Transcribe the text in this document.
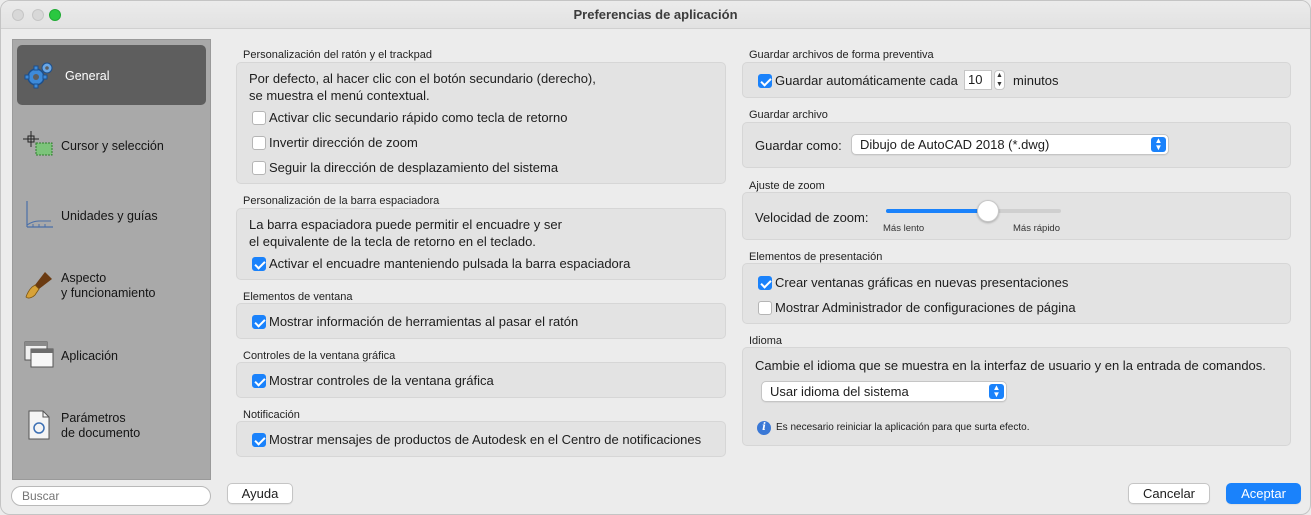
Preferencias de aplicación
General
Cursor y selección
Unidades y guías
Aspecto
y funcionamiento
Aplicación
Parámetros
de documento
Buscar
Personalización del ratón y el trackpad
Por defecto, al hacer clic con el botón secundario (derecho),
se muestra el menú contextual.
Activar clic secundario rápido como tecla de retorno
Invertir dirección de zoom
Seguir la dirección de desplazamiento del sistema
Personalización de la barra espaciadora
La barra espaciadora puede permitir el encuadre y ser
el equivalente de la tecla de retorno en el teclado.
Activar el encuadre manteniendo pulsada la barra espaciadora
Elementos de ventana
Mostrar información de herramientas al pasar el ratón
Controles de la ventana gráfica
Mostrar controles de la ventana gráfica
Notificación
Mostrar mensajes de productos de Autodesk en el Centro de notificaciones
Guardar archivos de forma preventiva
Guardar automáticamente cada 10	▲
▼ minutos
Guardar archivo
Guardar como:	Dibujo de AutoCAD 2018 (*.dwg)	▲
▼
Ajuste de zoom
Velocidad de zoom:
Más lento	Más rápido
Elementos de presentación
Crear ventanas gráficas en nuevas presentaciones
Mostrar Administrador de configuraciones de página
Idioma
Cambie el idioma que se muestra en la interfaz de usuario y en la entrada de comandos.
Usar idioma del sistema	▲
▼
i	Es necesario reiniciar la aplicación para que surta efecto.
Ayuda	Cancelar	Aceptar
